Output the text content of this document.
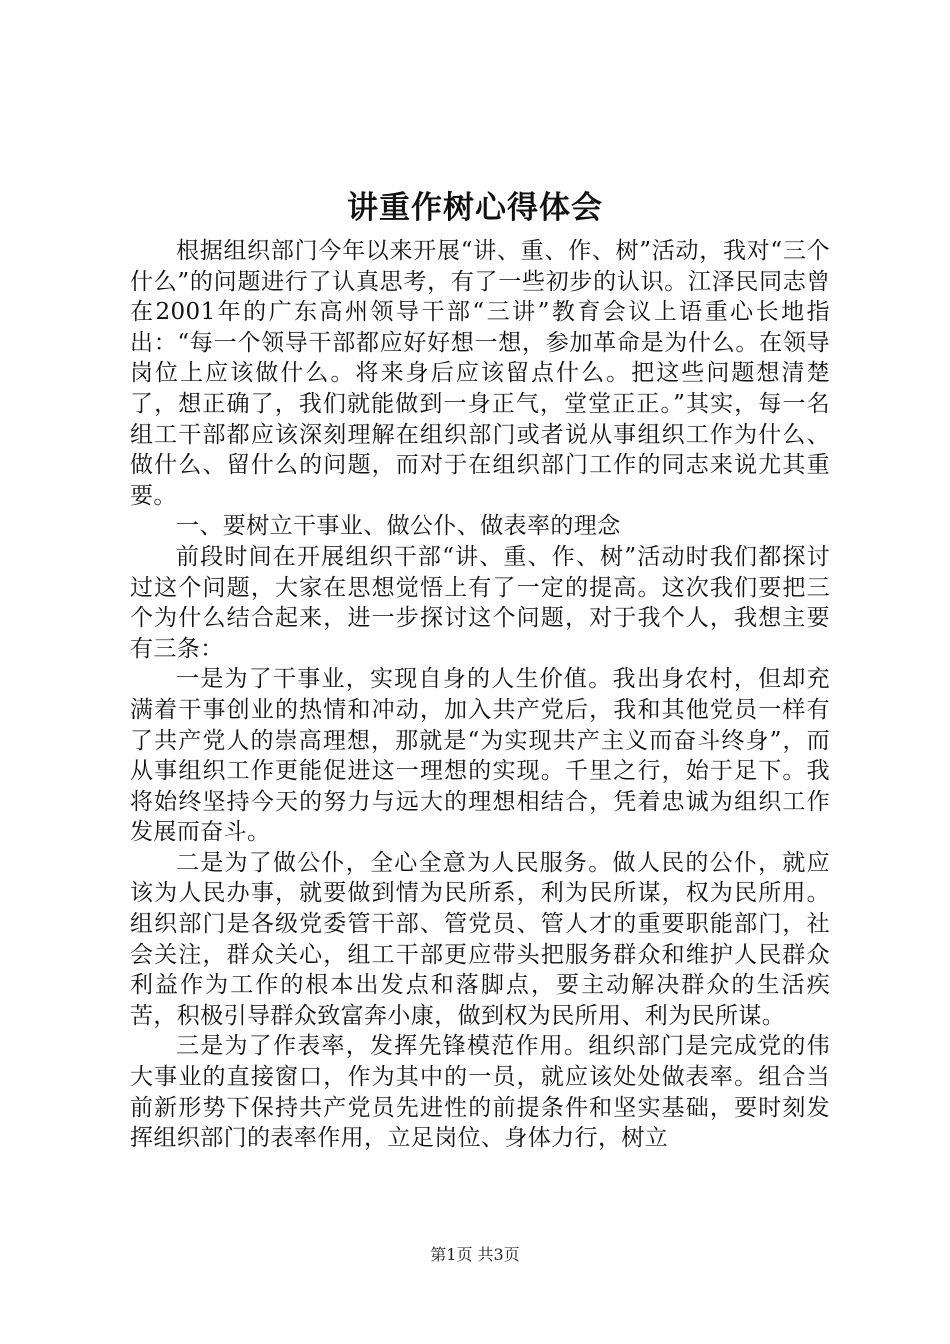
讲重作树心得体会

根据组织部门今年以来开展“讲、重、作、树”活动，我对“三个什么”的问题进行了认真思考，有了一些初步的认识。江泽民同志曾在2001年的广东高州领导干部“三讲”教育会议上语重心长地指出：“每一个领导干部都应好好想一想，参加革命是为什么。在领导岗位上应该做什么。将来身后应该留点什么。把这些问题想清楚了，想正确了，我们就能做到一身正气，堂堂正正。”其实，每一名组工干部都应该深刻理解在组织部门或者说从事组织工作为什么、做什么、留什么的问题，而对于在组织部门工作的同志来说尤其重要。

一、要树立干事业、做公仆、做表率的理念

前段时间在开展组织干部“讲、重、作、树”活动时我们都探讨过这个问题，大家在思想觉悟上有了一定的提高。这次我们要把三个为什么结合起来，进一步探讨这个问题，对于我个人，我想主要有三条：

一是为了干事业，实现自身的人生价值。我出身农村，但却充满着干事创业的热情和冲动，加入共产党后，我和其他党员一样有了共产党人的崇高理想，那就是“为实现共产主义而奋斗终身”，而从事组织工作更能促进这一理想的实现。千里之行，始于足下。我将始终坚持今天的努力与远大的理想相结合，凭着忠诚为组织工作发展而奋斗。

二是为了做公仆，全心全意为人民服务。做人民的公仆，就应该为人民办事，就要做到情为民所系，利为民所谋，权为民所用。组织部门是各级党委管干部、管党员、管人才的重要职能部门，社会关注，群众关心，组工干部更应带头把服务群众和维护人民群众利益作为工作的根本出发点和落脚点，要主动解决群众的生活疾苦，积极引导群众致富奔小康，做到权为民所用、利为民所谋。

三是为了作表率，发挥先锋模范作用。组织部门是完成党的伟大事业的直接窗口，作为其中的一员，就应该处处做表率。组合当前新形势下保持共产党员先进性的前提条件和坚实基础，要时刻发挥组织部门的表率作用，立足岗位、身体力行，树立

第1页 共3页
